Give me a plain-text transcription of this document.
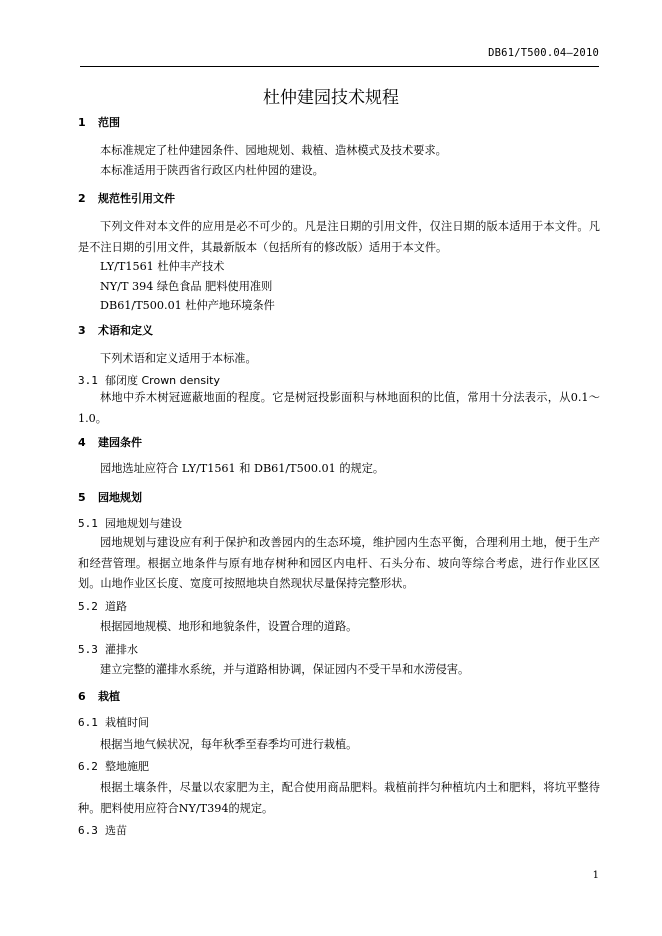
DB61/T500.04—2010
杜仲建园技术规程
1 范围
本标准规定了杜仲建园条件、园地规划、栽植、造林模式及技术要求。
本标准适用于陕西省行政区内杜仲园的建设。
2 规范性引用文件
下列文件对本文件的应用是必不可少的。凡是注日期的引用文件，仅注日期的版本适用于本文件。凡是不注日期的引用文件，其最新版本（包括所有的修改版）适用于本文件。
LY/T1561 杜仲丰产技术
NY/T 394 绿色食品 肥料使用准则
DB61/T500.01 杜仲产地环境条件
3 术语和定义
下列术语和定义适用于本标准。
3.1 郁闭度 Crown density
林地中乔木树冠遮蔽地面的程度。它是树冠投影面积与林地面积的比值，常用十分法表示，从0.1～1.0。
4 建园条件
园地选址应符合 LY/T1561 和 DB61/T500.01 的规定。
5 园地规划
5.1 园地规划与建设
园地规划与建设应有利于保护和改善园内的生态环境，维护园内生态平衡，合理利用土地，便于生产和经营管理。根据立地条件与原有地存树种和园区内电杆、石头分布、坡向等综合考虑，进行作业区区划。山地作业区长度、宽度可按照地块自然现状尽量保持完整形状。
5.2 道路
根据园地规模、地形和地貌条件，设置合理的道路。
5.3 灌排水
建立完整的灌排水系统，并与道路相协调，保证园内不受干旱和水涝侵害。
6 栽植
6.1 栽植时间
根据当地气候状况，每年秋季至春季均可进行栽植。
6.2 整地施肥
根据土壤条件，尽量以农家肥为主，配合使用商品肥料。栽植前拌匀种植坑内土和肥料，将坑平整待种。肥料使用应符合NY/T394的规定。
6.3 选苗
1
